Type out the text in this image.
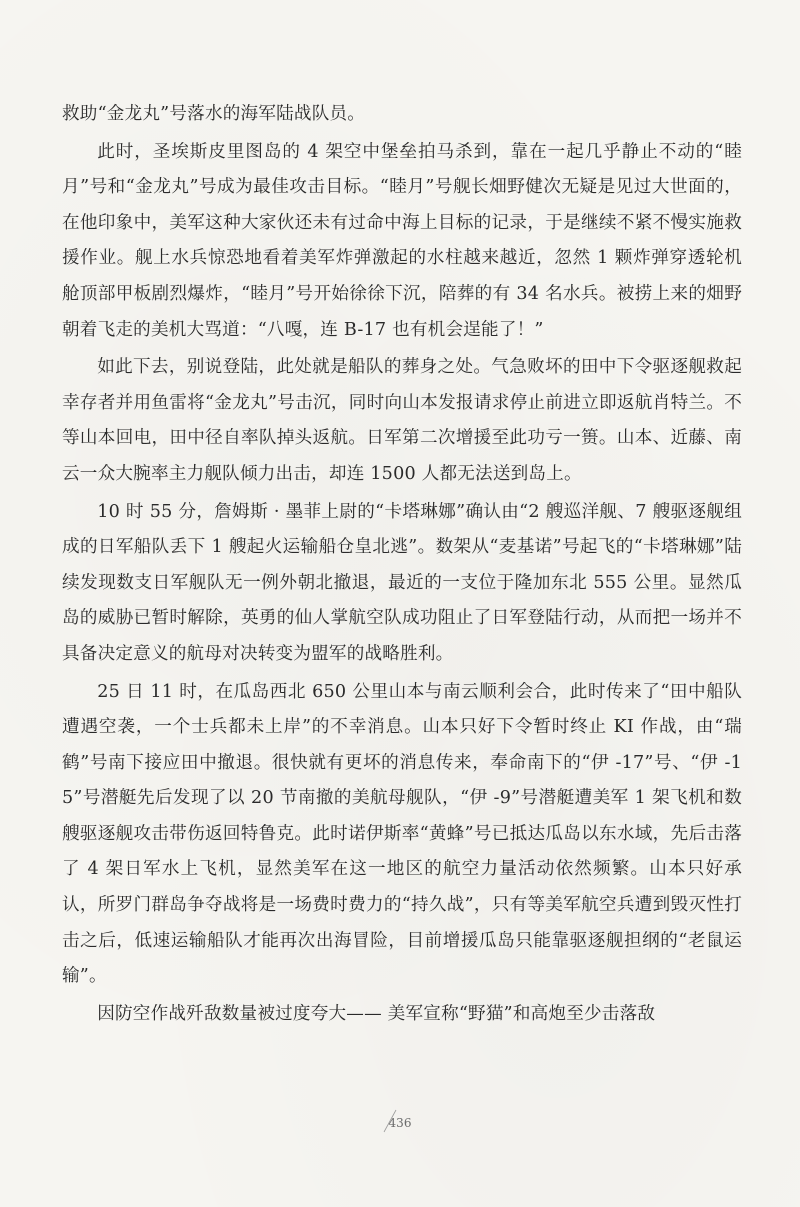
救助“金龙丸”号落水的海军陆战队员。

此时，圣埃斯皮里图岛的 4 架空中堡垒拍马杀到，靠在一起几乎静止不动的“睦月”号和“金龙丸”号成为最佳攻击目标。“睦月”号舰长畑野健次无疑是见过大世面的，在他印象中，美军这种大家伙还未有过命中海上目标的记录，于是继续不紧不慢实施救援作业。舰上水兵惊恐地看着美军炸弹激起的水柱越来越近，忽然 1 颗炸弹穿透轮机舱顶部甲板剧烈爆炸，“睦月”号开始徐徐下沉，陪葬的有 34 名水兵。被捞上来的畑野朝着飞走的美机大骂道：“八嘎，连 B-17 也有机会逞能了！”

如此下去，别说登陆，此处就是船队的葬身之处。气急败坏的田中下令驱逐舰救起幸存者并用鱼雷将“金龙丸”号击沉，同时向山本发报请求停止前进立即返航肖特兰。不等山本回电，田中径自率队掉头返航。日军第二次增援至此功亏一篑。山本、近藤、南云一众大腕率主力舰队倾力出击，却连 1500 人都无法送到岛上。

10 时 55 分，詹姆斯 · 墨菲上尉的“卡塔琳娜”确认由“2 艘巡洋舰、7 艘驱逐舰组成的日军船队丢下 1 艘起火运输船仓皇北逃”。数架从“麦基诺”号起飞的“卡塔琳娜”陆续发现数支日军舰队无一例外朝北撤退，最近的一支位于隆加东北 555 公里。显然瓜岛的威胁已暂时解除，英勇的仙人掌航空队成功阻止了日军登陆行动，从而把一场并不具备决定意义的航母对决转变为盟军的战略胜利。

25 日 11 时，在瓜岛西北 650 公里山本与南云顺利会合，此时传来了“田中船队遭遇空袭，一个士兵都未上岸”的不幸消息。山本只好下令暂时终止 KI 作战，由“瑞鹤”号南下接应田中撤退。很快就有更坏的消息传来，奉命南下的“伊 -17”号、“伊 -15”号潜艇先后发现了以 20 节南撤的美航母舰队，“伊 -9”号潜艇遭美军 1 架飞机和数艘驱逐舰攻击带伤返回特鲁克。此时诺伊斯率“黄蜂”号已抵达瓜岛以东水域，先后击落了 4 架日军水上飞机，显然美军在这一地区的航空力量活动依然频繁。山本只好承认，所罗门群岛争夺战将是一场费时费力的“持久战”，只有等美军航空兵遭到毁灭性打击之后，低速运输船队才能再次出海冒险，目前增援瓜岛只能靠驱逐舰担纲的“老鼠运输”。

因防空作战歼敌数量被过度夸大—— 美军宣称“野猫”和高炮至少击落敌

436
